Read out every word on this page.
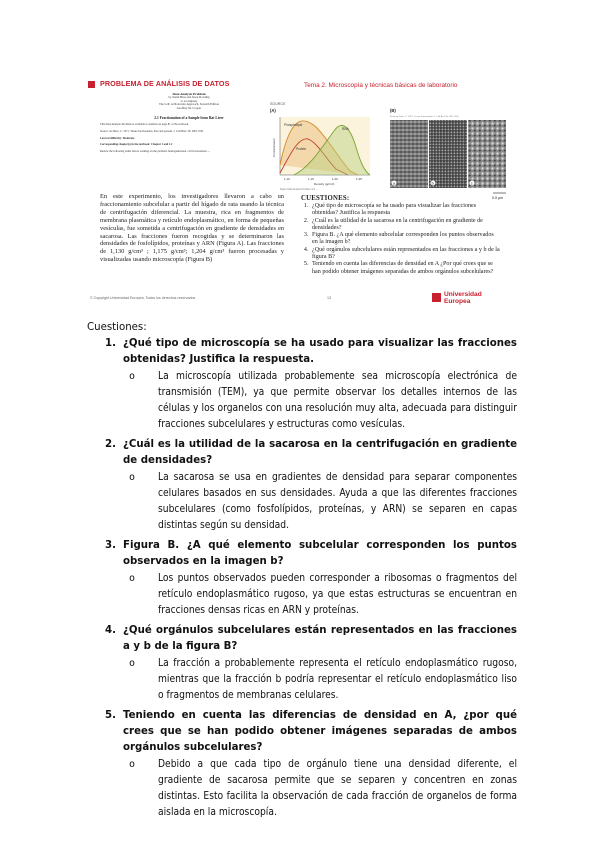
PROBLEMA DE ANÁLISIS DE DATOS	Tema 2. Microscopía y técnicas básicas de laboratorio
Data Analysis Problem
by Justin Hess and Jason Dowling
to accompany
The Cell: A Molecular Approach, Seventh Edition
Geoffrey M. Cooper
2.1 Fractionation of a Sample from Rat Liver
This Data Analysis Problem is available to students on page 81 of the textbook.
Source: de Duve, C. 1971. Tissue fractionation. Past and present. J. Cell Biol. 50: 20D–55D.
Level of difficulty: Moderate
Corresponding chapter(s) in the textbook: Chapter 1 and 2.2
Review the following terms before working on the problem: homogenization, cell fractionation, ...
En este experimento, los investigadores llevaron a cabo un fraccionamiento subcelular a partir del hígado de rata usando la técnica de centrifugación diferencial. La muestra, rica en fragmentos de membrana plasmática y retículo endoplasmático, en forma de pequeñas vesículas, fue sometida a centrifugación en gradiente de densidades en sacarosa. Las fracciones fueron recogidas y se determinaron las densidades de fosfolípidos, proteínas y ARN (Figura A). Las fracciones de 1,130 g/cm³ ; 1,175 g/cm³; 1,204 g/cm³ fueron procesadas y visualizadas usando microscopía (Figura B)
SOURCE
(A)
Phospholipid
RNA
Protein
Concentration
1.10	1.15	1.20	1.25
Density (g/cm³)
Figure Data Analysis Problem 2.1 ...
(B)
From de Duve, C. 1971. Tissue fractionation. J. Cell Biol. 50: 20D–55D.
a	b	c
0.5 µm
CUESTIONES:
1. ¿Qué tipo de microscopía se ha usado para visualizar las fracciones obtenidas? Justifica la respuesta
2. ¿Cuál es la utilidad de la sacarosa en la centrifugación en gradiente de densidades?
3. Figura B. ¿A qué elemento subcelular corresponden los puntos observados en la imagen b?
4. ¿Qué orgánulos subcelulares están representados en las fracciones a y b de la figura B?
5. Teniendo en cuenta las diferencias de densidad en A ¿Por qué crees que se han podido obtener imágenes separadas de ambos orgánulos subcelulares?
© Copyright Universidad Europea. Todos los derechos reservados	13	Universidad
Europea
Cuestiones:
1. ¿Qué tipo de microscopía se ha usado para visualizar las fracciones obtenidas? Justifica la respuesta.
o La microscopía utilizada probablemente sea microscopía electrónica de transmisión (TEM), ya que permite observar los detalles internos de las células y los organelos con una resolución muy alta, adecuada para distinguir fracciones subcelulares y estructuras como vesículas.
2. ¿Cuál es la utilidad de la sacarosa en la centrifugación en gradiente de densidades?
o La sacarosa se usa en gradientes de densidad para separar componentes celulares basados en sus densidades. Ayuda a que las diferentes fracciones subcelulares (como fosfolípidos, proteínas, y ARN) se separen en capas distintas según su densidad.
3. Figura B. ¿A qué elemento subcelular corresponden los puntos observados en la imagen b?
o Los puntos observados pueden corresponder a ribosomas o fragmentos del retículo endoplasmático rugoso, ya que estas estructuras se encuentran en fracciones densas ricas en ARN y proteínas.
4. ¿Qué orgánulos subcelulares están representados en las fracciones a y b de la figura B?
o La fracción a probablemente representa el retículo endoplasmático rugoso, mientras que la fracción b podría representar el retículo endoplasmático liso o fragmentos de membranas celulares.
5. Teniendo en cuenta las diferencias de densidad en A, ¿por qué crees que se han podido obtener imágenes separadas de ambos orgánulos subcelulares?
o Debido a que cada tipo de orgánulo tiene una densidad diferente, el gradiente de sacarosa permite que se separen y concentren en zonas distintas. Esto facilita la observación de cada fracción de organelos de forma aislada en la microscopía.
